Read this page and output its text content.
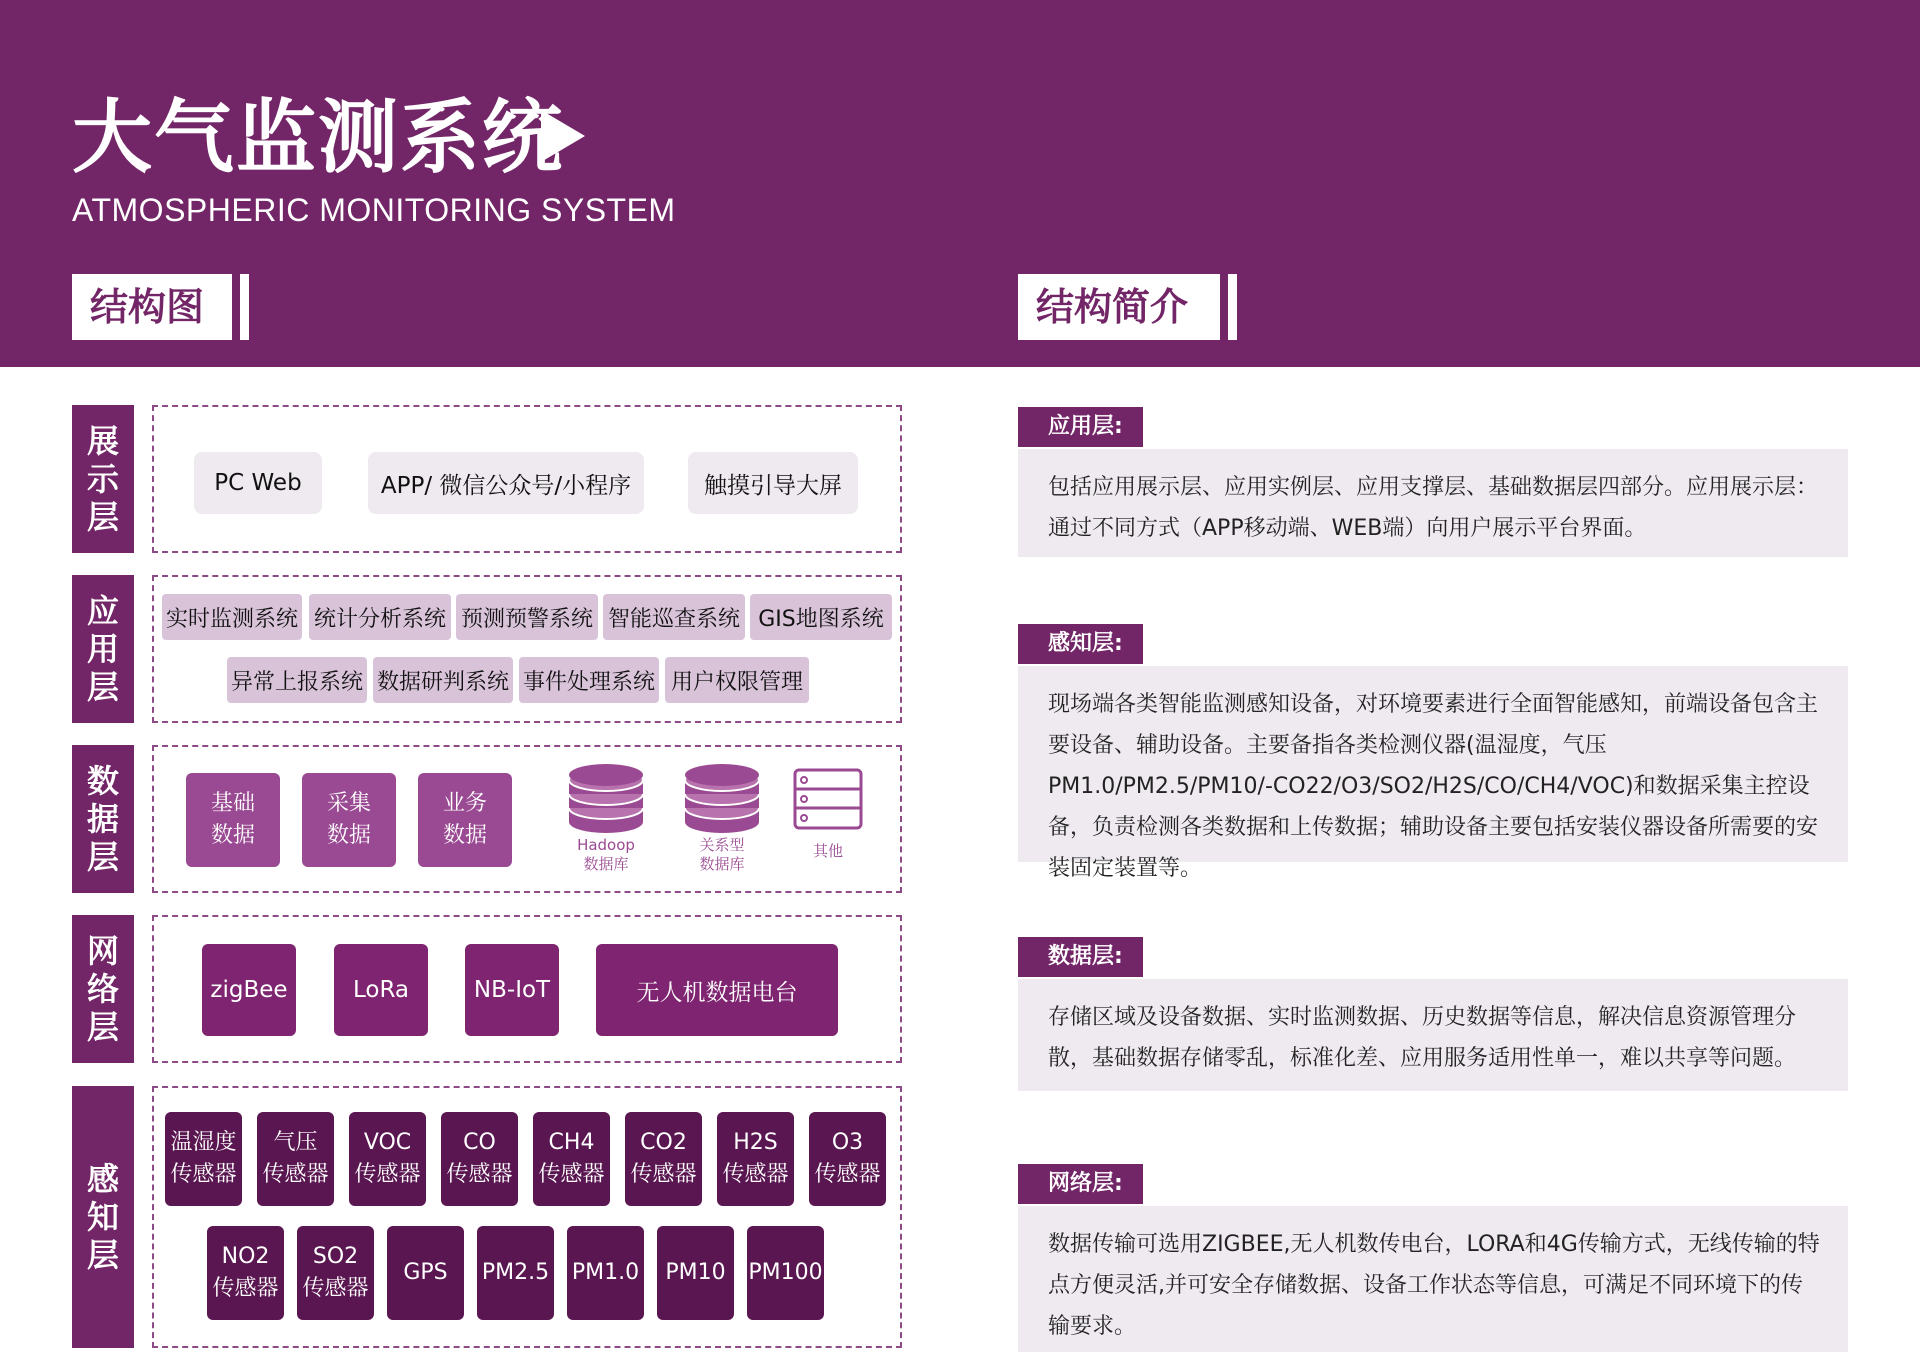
大气监测系统
ATMOSPHERIC MONITORING SYSTEM
结构图	结构简介
展
示
层
PC Web	APP/ 微信公众号/小程序	触摸引导大屏
应
用
层
实时监测系统 统计分析系统 预测预警系统 智能巡查系统 GIS地图系统
异常上报系统 数据研判系统 事件处理系统 用户权限管理
数
据
层
基础
数据
采集
数据
业务
数据	Hadoop
数据库
关系型
数据库
其他
网
络
层
zigBee	LoRa	NB-IoT	无人机数据电台
感
知
层
温湿度
传感器
气压
传感器
VOC
传感器
CO
传感器
CH4
传感器
CO2
传感器
H2S
传感器
O3
传感器
NO2
传感器
SO2
传感器
GPS PM2.5 PM1.0 PM10 PM100
应用层:
包括应用展示层、应用实例层、应用支撑层、基础数据层四部分。应用展示层：通过不同方式（APP移动端、WEB端）向用户展示平台界面。
感知层:
现场端各类智能监测感知设备，对环境要素进行全面智能感知，前端设备包含主要设备、辅助设备。主要备指各类检测仪器(温湿度，气压PM1.0/PM2.5/PM10/-CO22/O3/SO2/H2S/CO/CH4/VOC)和数据采集主控设备，负责检测各类数据和上传数据；辅助设备主要包括安装仪器设备所需要的安装固定装置等。
数据层:
存储区域及设备数据、实时监测数据、历史数据等信息，解决信息资源管理分散，基础数据存储零乱，标准化差、应用服务适用性单一，难以共享等问题。
网络层:
数据传输可选用ZIGBEE,无人机数传电台，LORA和4G传输方式，无线传输的特点方便灵活,并可安全存储数据、设备工作状态等信息，可满足不同环境下的传输要求。
